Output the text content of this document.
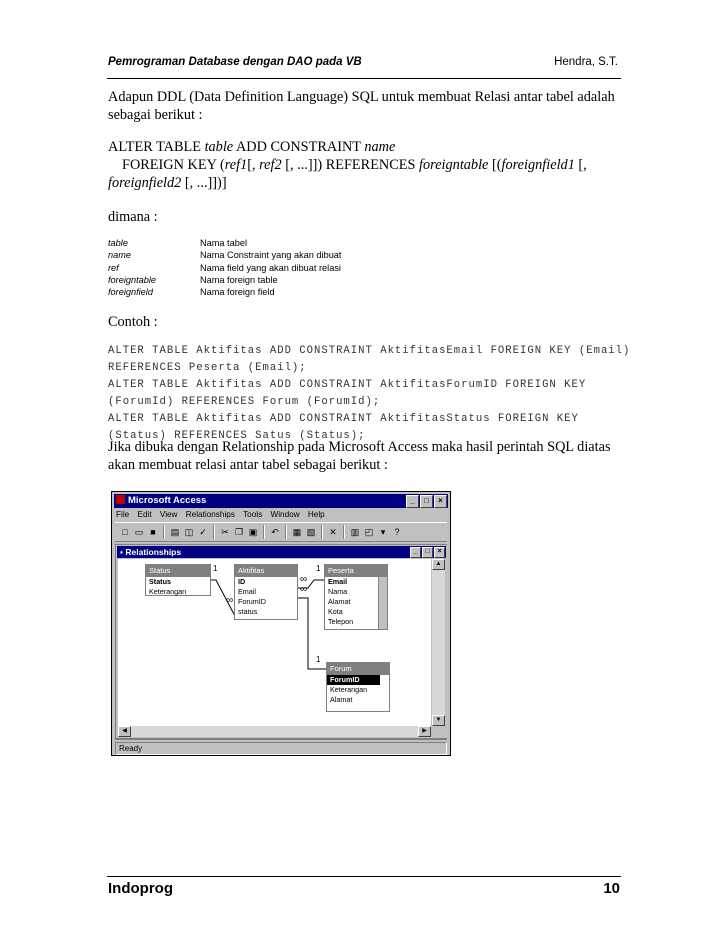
Pemrograman Database dengan DAO pada VB	Hendra, S.T.
Adapun DDL (Data Definition Language) SQL untuk membuat Relasi antar tabel adalah sebagai berikut :
ALTER TABLE table ADD CONSTRAINT name
FOREIGN KEY (ref1[, ref2 [, ...]]) REFERENCES foreigntable [(foreignfield1 [,
foreignfield2 [, ...]])]
dimana :
table	Nama tabel
name	Nama Constraint yang akan dibuat
ref	Nama field yang akan dibuat relasi
foreigntable	Nama foreign table
foreignfield	Nama foreign field
Contoh :
ALTER TABLE Aktifitas ADD CONSTRAINT AktifitasEmail FOREIGN KEY (Email)
REFERENCES Peserta (Email);
ALTER TABLE Aktifitas ADD CONSTRAINT AktifitasForumID FOREIGN KEY
(ForumId) REFERENCES Forum (ForumId);
ALTER TABLE Aktifitas ADD CONSTRAINT AktifitasStatus FOREIGN KEY
(Status) REFERENCES Satus (Status);
Jika dibuka dengan Relationship pada Microsoft Access maka hasil perintah SQL diatas akan membuat relasi antar tabel sebagai berikut :
Microsoft Access	_ □ ×
File Edit View Relationships Tools Window Help
□ ▭ ■	▤ ◫ ✓ ✂ ❐ ▣ ↶ ▦ ▧ ✕ ▥ ◰ ▾	?
▪ Relationships	_ □ ×
1
∞
∞
∞
1
1
Status
Status
Keterangan
Aktifitas
ID
Email
ForumID
status
Peserta
Email
Nama
Alamat
Kota
Telepon
Forum
ForumID
Keterangan
Alamat
▲
▼
◀	▶
Ready
Indoprog	10
